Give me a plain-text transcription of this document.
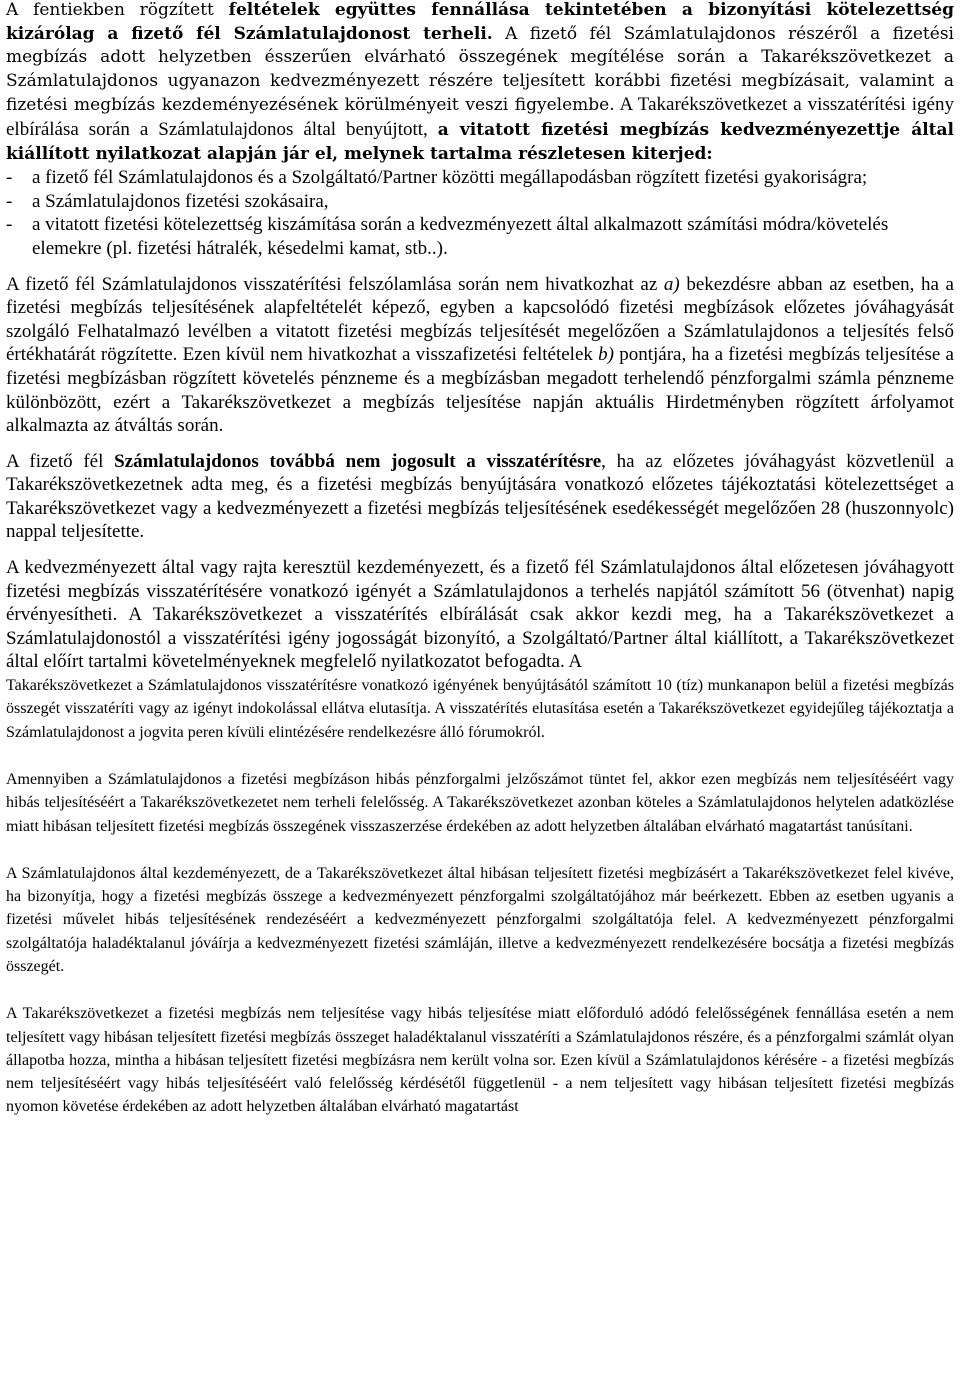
A fentiekben rögzített feltételek együttes fennállása tekintetében a bizonyítási kötelezettség kizárólag a fizető fél Számlatulajdonost terheli. A fizető fél Számlatulajdonos részéről a fizetési megbízás adott helyzetben ésszerűen elvárható összegének megítélése során a Takarékszövetkezet a Számlatulajdonos ugyanazon kedvezményezett részére teljesített korábbi fizetési megbízásait, valamint a fizetési megbízás kezdeményezésének körülményeit veszi figyelembe. A Takarékszövetkezet a visszatérítési igény elbírálása során a Számlatulajdonos által benyújtott, a vitatott fizetési megbízás kedvezményezettje által kiállított nyilatkozat alapján jár el, melynek tartalma részletesen kiterjed:

-	a fizető fél Számlatulajdonos és a Szolgáltató/Partner közötti megállapodásban rögzített fizetési gyakoriságra;
-	a Számlatulajdonos fizetési szokásaira,
-	a vitatott fizetési kötelezettség kiszámítása során a kedvezményezett által alkalmazott számítási módra/követelés elemekre (pl. fizetési hátralék, késedelmi kamat, stb..).

A fizető fél Számlatulajdonos visszatérítési felszólamlása során nem hivatkozhat az a) bekezdésre abban az esetben, ha a fizetési megbízás teljesítésének alapfeltételét képező, egyben a kapcsolódó fizetési megbízások előzetes jóváhagyását szolgáló Felhatalmazó levélben a vitatott fizetési megbízás teljesítését megelőzően a Számlatulajdonos a teljesítés felső értékhatárát rögzítette. Ezen kívül nem hivatkozhat a visszafizetési feltételek b) pontjára, ha a fizetési megbízás teljesítése a fizetési megbízásban rögzített követelés pénzneme és a megbízásban megadott terhelendő pénzforgalmi számla pénzneme különbözött, ezért a Takarékszövetkezet a megbízás teljesítése napján aktuális Hirdetményben rögzített árfolyamot alkalmazta az átváltás során.

A fizető fél Számlatulajdonos továbbá nem jogosult a visszatérítésre, ha az előzetes jóváhagyást közvetlenül a Takarékszövetkezetnek adta meg, és a fizetési megbízás benyújtására vonatkozó előzetes tájékoztatási kötelezettséget a Takarékszövetkezet vagy a kedvezményezett a fizetési megbízás teljesítésének esedékességét megelőzően 28 (huszonnyolc) nappal teljesítette.

A kedvezményezett által vagy rajta keresztül kezdeményezett, és a fizető fél Számlatulajdonos által előzetesen jóváhagyott fizetési megbízás visszatérítésére vonatkozó igényét a Számlatulajdonos a terhelés napjától számított 56 (ötvenhat) napig érvényesítheti. A Takarékszövetkezet a visszatérítés elbírálását csak akkor kezdi meg, ha a Takarékszövetkezet a Számlatulajdonostól a visszatérítési igény jogosságát bizonyító, a Szolgáltató/Partner által kiállított, a Takarékszövetkezet által előírt tartalmi követelményeknek megfelelő nyilatkozatot befogadta. A

Takarékszövetkezet a Számlatulajdonos visszatérítésre vonatkozó igényének benyújtásától számított 10 (tíz) munkanapon belül a fizetési megbízás összegét visszatéríti vagy az igényt indokolással ellátva elutasítja. A visszatérítés elutasítása esetén a Takarékszövetkezet egyidejűleg tájékoztatja a Számlatulajdonost a jogvita peren kívüli elintézésére rendelkezésre álló fórumokról.

Amennyiben a Számlatulajdonos a fizetési megbízáson hibás pénzforgalmi jelzőszámot tüntet fel, akkor ezen megbízás nem teljesítéséért vagy hibás teljesítéséért a Takarékszövetkezetet nem terheli felelősség. A Takarékszövetkezet azonban köteles a Számlatulajdonos helytelen adatközlése miatt hibásan teljesített fizetési megbízás összegének visszaszerzése érdekében az adott helyzetben általában elvárható magatartást tanúsítani.

A Számlatulajdonos által kezdeményezett, de a Takarékszövetkezet által hibásan teljesített fizetési megbízásért a Takarékszövetkezet felel kivéve, ha bizonyítja, hogy a fizetési megbízás összege a kedvezményezett pénzforgalmi szolgáltatójához már beérkezett. Ebben az esetben ugyanis a fizetési művelet hibás teljesítésének rendezéséért a kedvezményezett pénzforgalmi szolgáltatója felel. A kedvezményezett pénzforgalmi szolgáltatója haladéktalanul jóváírja a kedvezményezett fizetési számláján, illetve a kedvezményezett rendelkezésére bocsátja a fizetési megbízás összegét.

A Takarékszövetkezet a fizetési megbízás nem teljesítése vagy hibás teljesítése miatt előforduló adódó felelősségének fennállása esetén a nem teljesített vagy hibásan teljesített fizetési megbízás összeget haladéktalanul visszatéríti a Számlatulajdonos részére, és a pénzforgalmi számlát olyan állapotba hozza, mintha a hibásan teljesített fizetési megbízásra nem került volna sor. Ezen kívül a Számlatulajdonos kérésére - a fizetési megbízás nem teljesítéséért vagy hibás teljesítéséért való felelősség kérdésétől függetlenül - a nem teljesített vagy hibásan teljesített fizetési megbízás nyomon követése érdekében az adott helyzetben általában elvárható magatartást
